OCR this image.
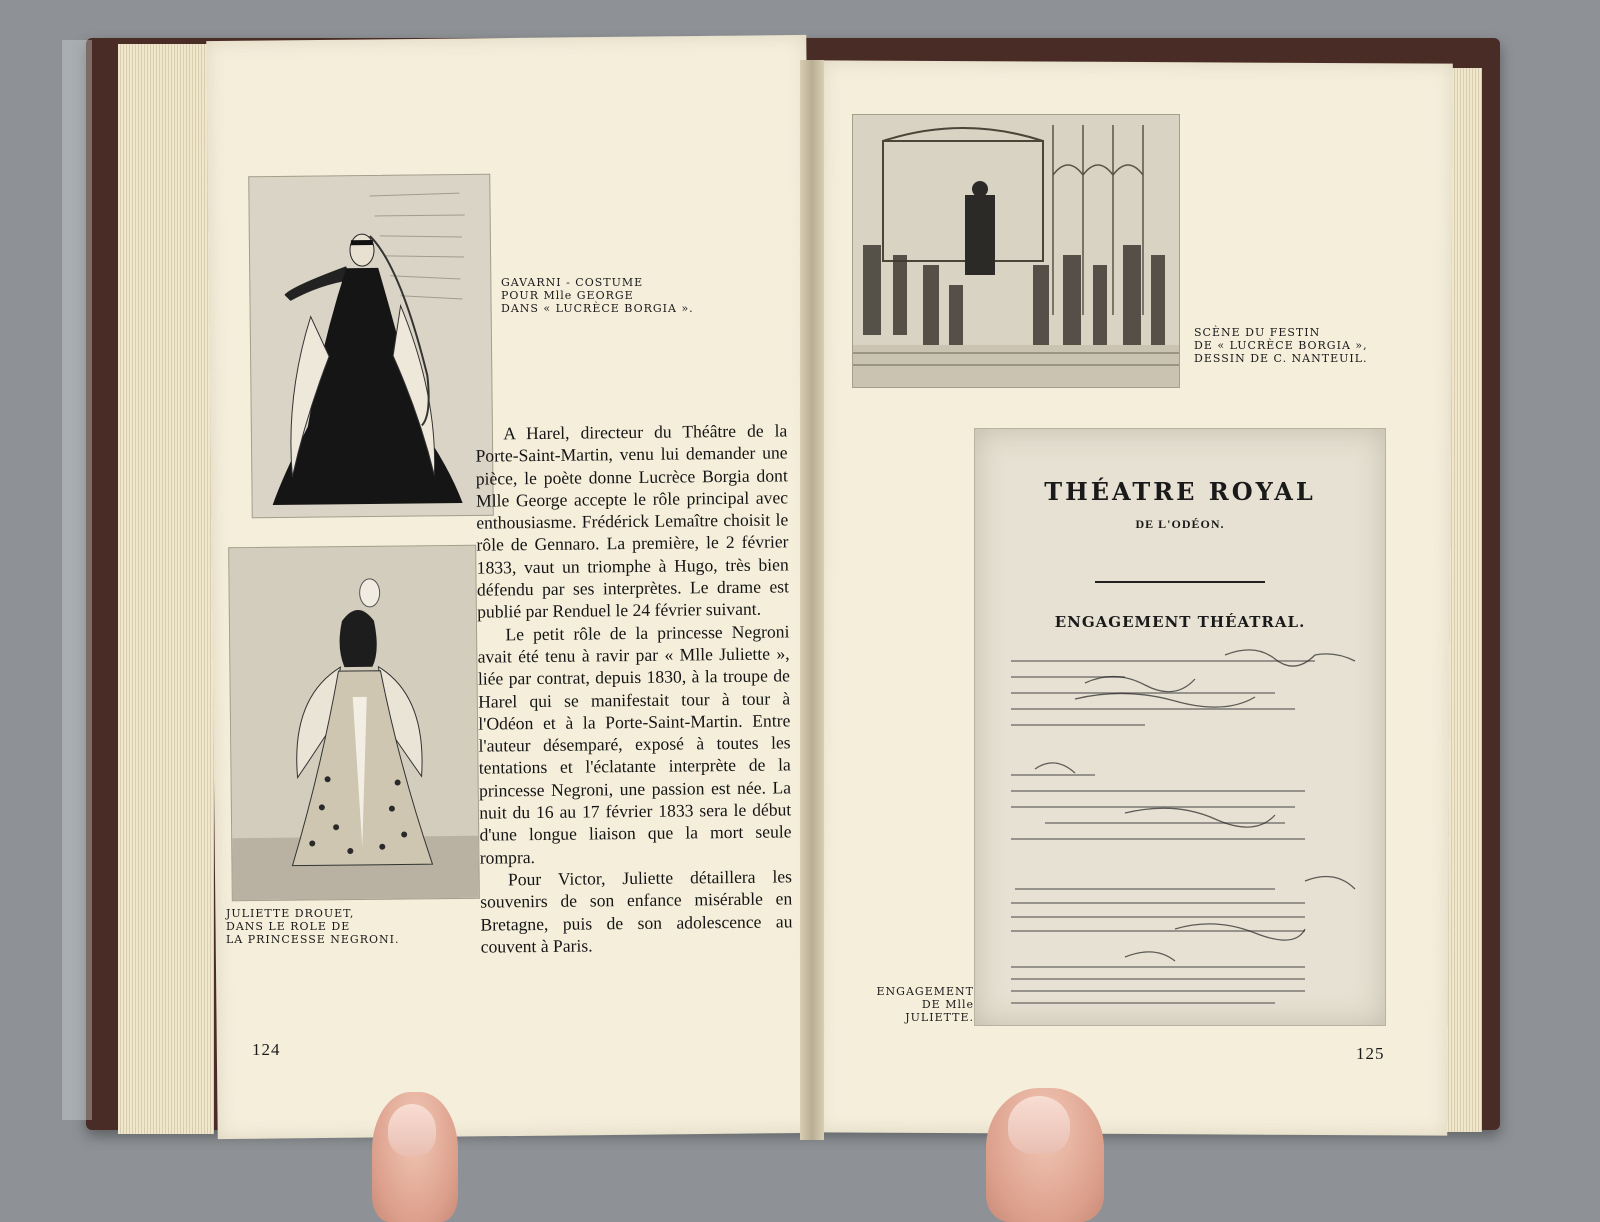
GAVARNI - COSTUME
POUR Mlle GEORGE
DANS « LUCRÈCE BORGIA ».
JULIETTE DROUET,
DANS LE ROLE DE
LA PRINCESSE NEGRONI.

A Harel, directeur du Théâtre de la Porte-Saint-Martin, venu lui demander une pièce, le poète donne Lucrèce Borgia dont Mlle George accepte le rôle principal avec enthousiasme. Frédérick Lemaître choisit le rôle de Gennaro. La première, le 2 février 1833, vaut un triomphe à Hugo, très bien défendu par ses interprètes. Le drame est publié par Renduel le 24 février suivant.

Le petit rôle de la princesse Negroni avait été tenu à ravir par « Mlle Juliette », liée par contrat, depuis 1830, à la troupe de Harel qui se manifestait tour à tour à l'Odéon et à la Porte-Saint-Martin. Entre l'auteur désemparé, exposé à toutes les tentations et l'éclatante interprète de la princesse Negroni, une passion est née. La nuit du 16 au 17 février 1833 sera le début d'une longue liaison que la mort seule rompra.

Pour Victor, Juliette détaillera les souvenirs de son enfance misérable en Bretagne, puis de son adolescence au couvent à Paris.

124
SCÈNE DU FESTIN
DE « LUCRÈCE BORGIA »,
DESSIN DE C. NANTEUIL.
THÉATRE ROYAL
DE L'ODÉON.
ENGAGEMENT THÉATRAL.
ENGAGEMENT
DE Mlle JULIETTE.
125
